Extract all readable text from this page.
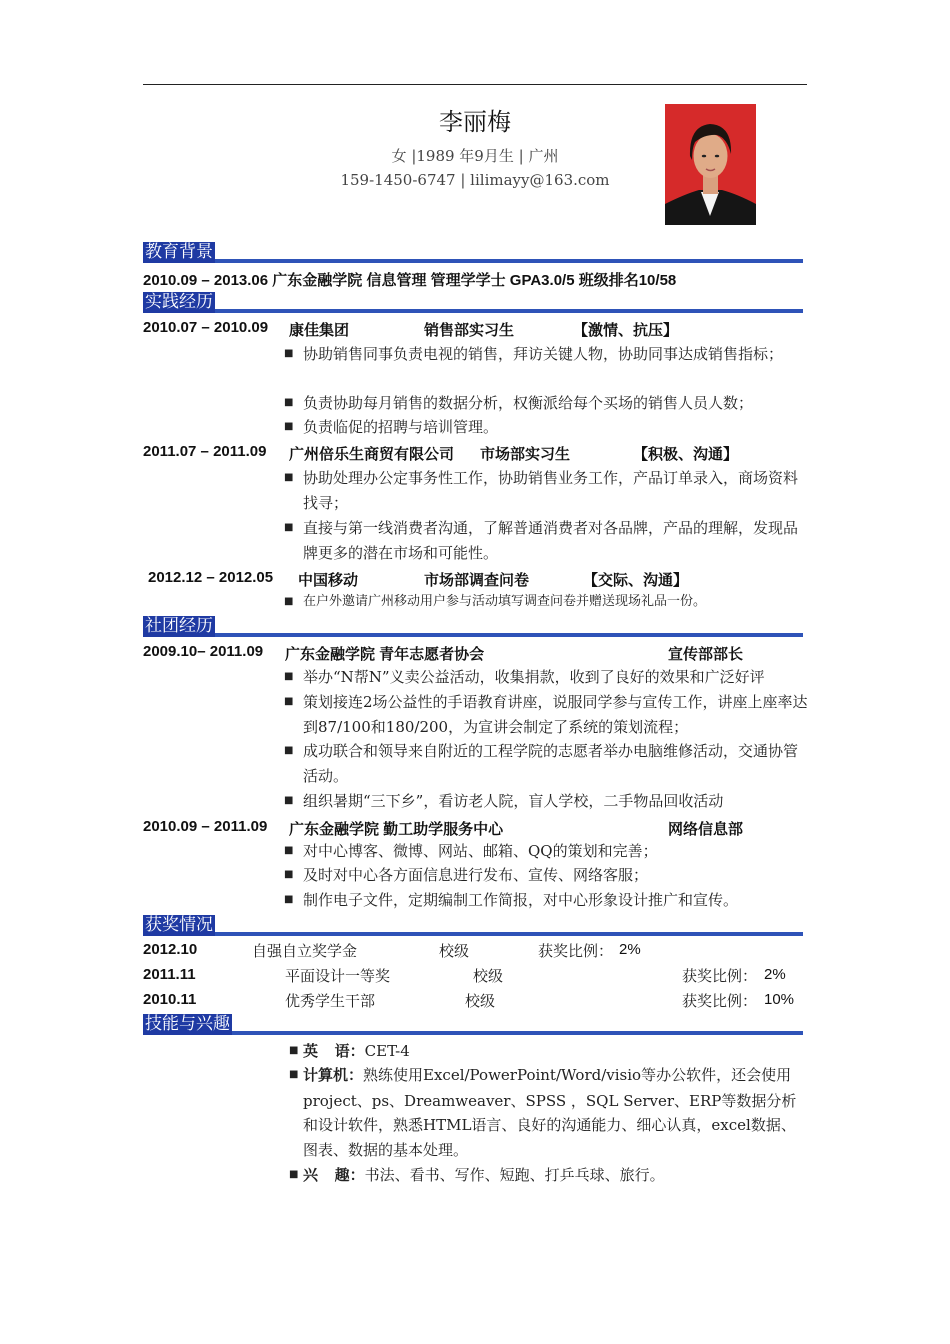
李丽梅
女 |1989 年9月生 | 广州
159-1450-6747 | lilimayy@163.com
教育背景
2010.09 – 2013.06 广东金融学院 信息管理 管理学学士 GPA3.0/5 班级排名10/58
实践经历
2010.07 – 2010.09 康佳集团	销售部实习生	【激情、抗压】
■ 协助销售同事负责电视的销售，拜访关键人物，协助同事达成销售指标；
■ 负责协助每月销售的数据分析，权衡派给每个买场的销售人员人数；
■ 负责临促的招聘与培训管理。
2011.07 – 2011.09 广州倍乐生商贸有限公司 市场部实习生	【积极、沟通】
■ 协助处理办公定事务性工作，协助销售业务工作，产品订单录入，商场资料找寻；
■ 直接与第一线消费者沟通，了解普通消费者对各品牌，产品的理解，发现品牌更多的潜在市场和可能性。
2012.12 – 2012.05 中国移动	市场部调查问卷	【交际、沟通】
■ 在户外邀请广州移动用户参与活动填写调查问卷并赠送现场礼品一份。
社团经历
2009.10– 2011.09 广东金融学院 青年志愿者协会	宣传部部长
■ 举办“N帮N”义卖公益活动，收集捐款，收到了良好的效果和广泛好评
■ 策划接连2场公益性的手语教育讲座，说服同学参与宣传工作，讲座上座率达到87/100和180/200，为宣讲会制定了系统的策划流程；
■ 成功联合和领导来自附近的工程学院的志愿者举办电脑维修活动，交通协管活动。
■ 组织暑期“三下乡”，看访老人院，盲人学校，二手物品回收活动
2010.09 – 2011.09 广东金融学院 勤工助学服务中心	网络信息部
■ 对中心博客、微博、网站、邮箱、QQ的策划和完善；
■ 及时对中心各方面信息进行发布、宣传、网络客服；
■ 制作电子文件，定期编制工作简报，对中心形象设计推广和宣传。
获奖情况
2012.10	自强自立奖学金	校级	获奖比例： 2%
2011.11	平面设计一等奖	校级	获奖比例： 2%
2010.11	优秀学生干部	校级	获奖比例： 10%
技能与兴趣
■ 英    语：CET-4
■ 计算机：熟练使用Excel/PowerPoint/Word/visio等办公软件，还会使用project、ps、Dreamweaver、SPSS ，SQL Server、ERP等数据分析和设计软件，熟悉HTML语言、良好的沟通能力、细心认真，excel数据、图表、数据的基本处理。
■ 兴    趣：书法、看书、写作、短跑、打乒乓球、旅行。
